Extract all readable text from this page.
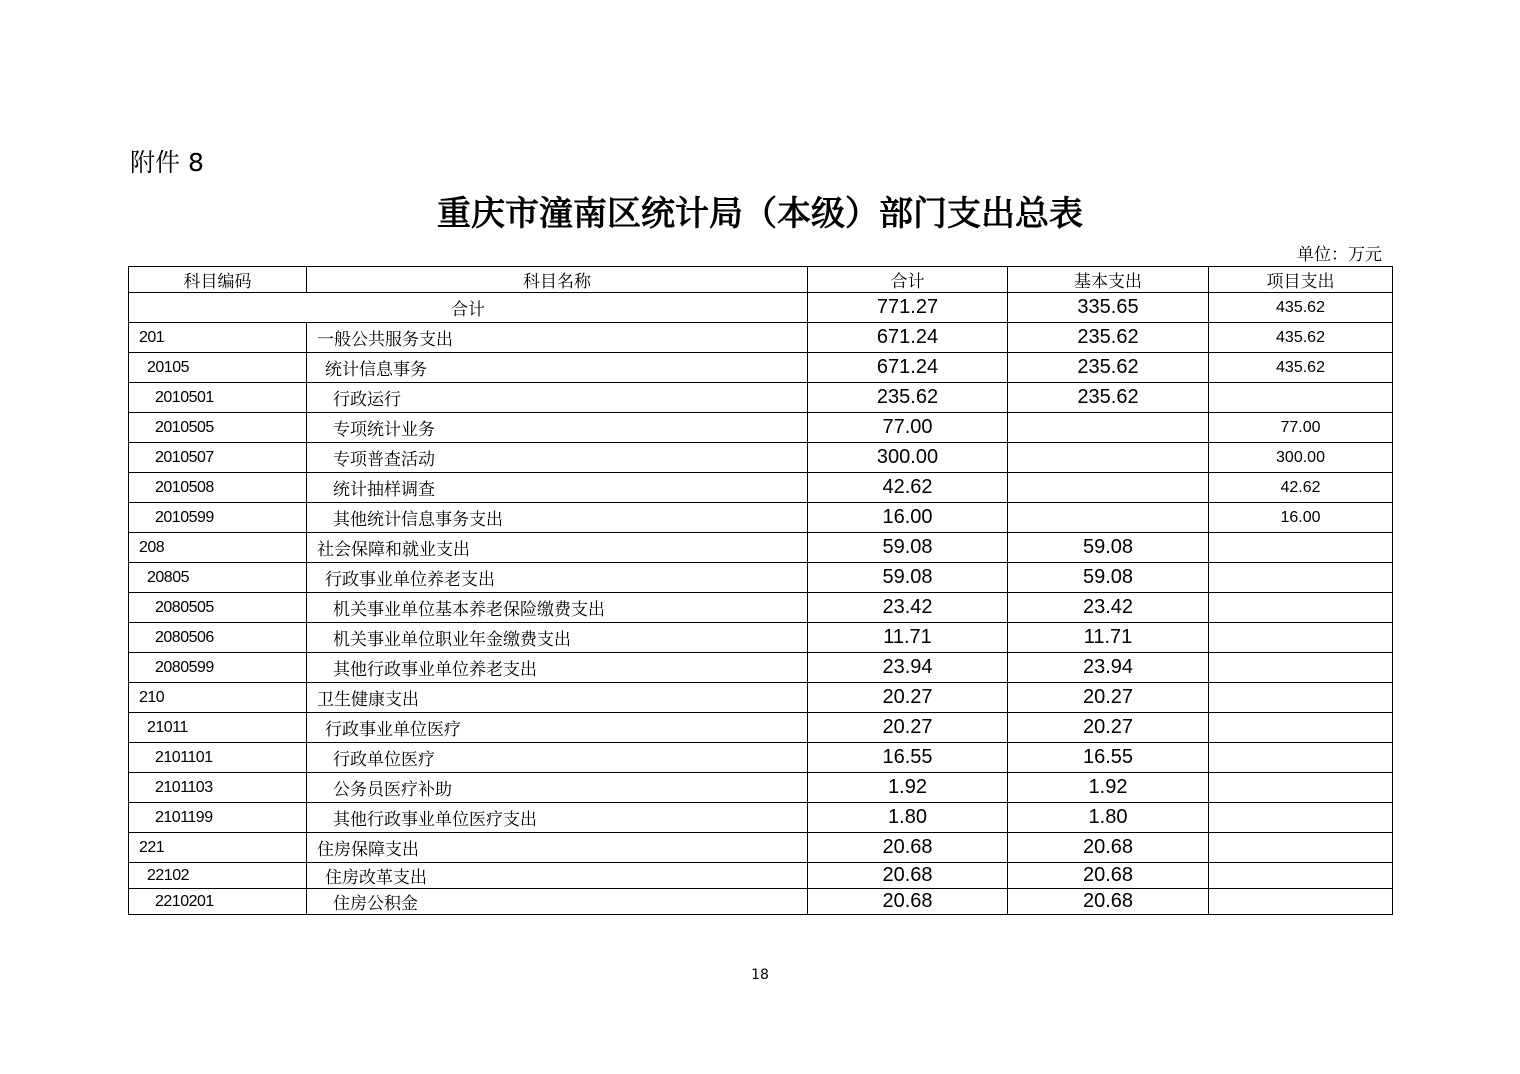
附件 8
重庆市潼南区统计局（本级）部门支出总表
单位：万元
科目编码	科目名称	合计	基本支出	项目支出
合计		771.27	335.65	435.62
201	一般公共服务支出	671.24	235.62	435.62
20105	统计信息事务	671.24	235.62	435.62
2010501	行政运行	235.62	235.62	
2010505	专项统计业务	77.00		77.00
2010507	专项普查活动	300.00		300.00
2010508	统计抽样调查	42.62		42.62
2010599	其他统计信息事务支出	16.00		16.00
208	社会保障和就业支出	59.08	59.08	
20805	行政事业单位养老支出	59.08	59.08	
2080505	机关事业单位基本养老保险缴费支出	23.42	23.42	
2080506	机关事业单位职业年金缴费支出	11.71	11.71	
2080599	其他行政事业单位养老支出	23.94	23.94	
210	卫生健康支出	20.27	20.27	
21011	行政事业单位医疗	20.27	20.27	
2101101	行政单位医疗	16.55	16.55	
2101103	公务员医疗补助	1.92	1.92	
2101199	其他行政事业单位医疗支出	1.80	1.80	
221	住房保障支出	20.68	20.68	
22102	住房改革支出	20.68	20.68	
2210201	住房公积金	20.68	20.68	
18
